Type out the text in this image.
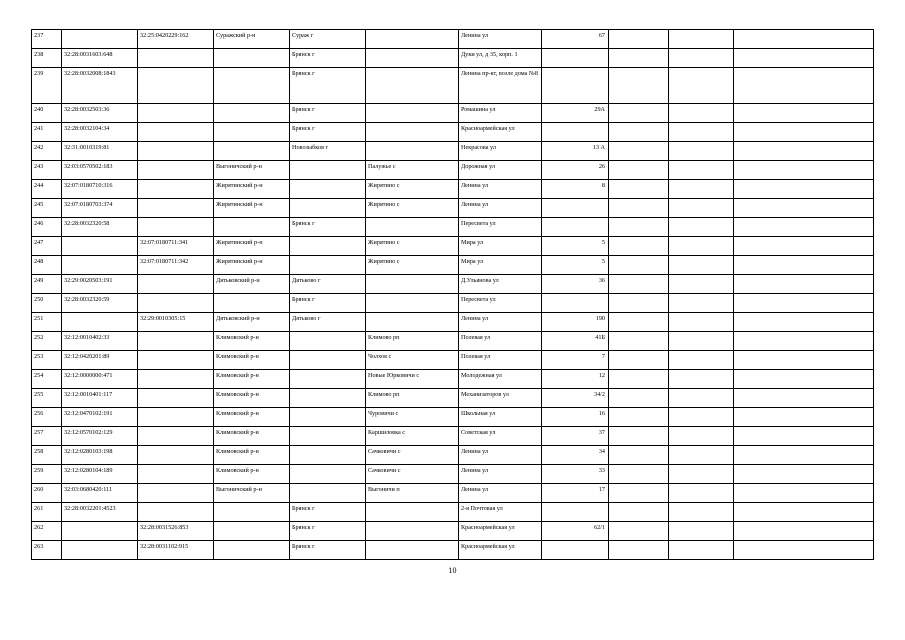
237		32:25:0420229:162	Суражский р-н	Сураж г		Ленина ул	67			
238	32:28:0031603:648			Брянск г		Дуки ул, д 35, корп. 1				
239	32:28:0032008:1843			Брянск г		Ленина пр-кт, возле дома №8				
240	32:28:0032503:36			Брянск г		Ромашина ул	29А			
241	32:28:0032104:34			Брянск г		Красноармейская ул				
242	32:31:0010319:81			Новозыбков г		Некрасова ул	13 А			
243	32:03:0570502:183		Выгоничский р-н		Палужье с	Дорожная ул	26			
244	32:07:0180710:316		Жирятинский р-н		Жирятино с	Ленина ул	8			
245	32:07:0180703:374		Жирятинский р-н		Жирятино с	Ленина ул				
246	32:28:0032320:58			Брянск г		Пересвета ул				
247		32:07:0180711:341	Жирятинский р-н		Жирятино с	Мира ул	5			
248		32:07:0180711:342	Жирятинский р-н		Жирятино с	Мира ул	5			
249	32:29:0020503:191		Дятьковский р-н	Дятьково г		Д.Ульянова ул	36			
250	32:28:0032320:59			Брянск г		Пересвета ул				
251		32:29:0010305:15	Дятьковский р-н	Дятьково г		Ленина ул	190			
252	32:12:0010402:33		Климовский р-н		Климово рп	Полевая ул	41Б			
253	32:12:0420201:89		Климовский р-н		Чолхов с	Полевая ул	7			
254	32:12:0000000:471		Климовский р-н		Новые Юрковичи с	Молодежная ул	12			
255	32:12:0010401:117		Климовский р-н		Климово рп	Механизаторов ул	34/2			
256	32:12:0470102:191		Климовский р-н		Чуровичи с	Школьная ул	16			
257	32:12:0570102:129		Климовский р-н		Каршиловка с	Советская ул	37			
258	32:12:0280103:198		Климовский р-н		Сачковичи с	Ленина ул	34			
259	32:12:0280104:189		Климовский р-н		Сачковичи с	Ленина ул	33			
260	32:03:0680420:111		Выгоничский р-н		Выгоничи п	Ленина ул	17			
261	32:28:0032201:4523			Брянск г		2-я Почтовая ул				
262		32:28:0031526:853		Брянск г		Красноармейская ул	62/1			
263		32:28:0031102:915		Брянск г		Красноармейская ул				
10
